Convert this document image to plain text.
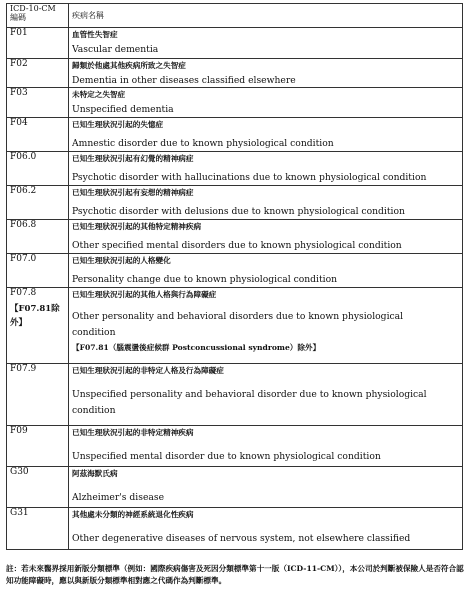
ICD-10-CM
編碼	疾病名稱
F01	血管性失智症
Vascular dementia

F02	歸類於他處其他疾病所致之失智症
Dementia in other diseases classified elsewhere

F03	未特定之失智症
Unspecified dementia

F04	已知生理狀況引起的失憶症
Amnestic disorder due to known physiological condition

F06.0	已知生理狀況引起有幻覺的精神病症
Psychotic disorder with hallucinations due to known physiological condition

F06.2	已知生理狀況引起有妄想的精神病症
Psychotic disorder with delusions due to known physiological condition

F06.8	已知生理狀況引起的其他特定精神疾病
Other specified mental disorders due to known physiological condition

F07.0	已知生理狀況引起的人格變化
Personality change due to known physiological condition

F07.8
【F07.81除外】	已知生理狀況引起的其他人格與行為障礙症
Other personality and behavioral disorders due to known physiological
condition
【F07.81（腦震盪後症候群 Postconcussional syndrome）除外】

F07.9	已知生理狀況引起的非特定人格及行為障礙症
Unspecified personality and behavioral disorder due to known physiological
condition

F09	已知生理狀況引起的非特定精神疾病
Unspecified mental disorder due to known physiological condition

G30	阿茲海默氏病
Alzheimer's disease

G31	其他處未分類的神經系統退化性疾病
Other degenerative diseases of nervous system, not elsewhere classified
註：若未來醫界採用新版分類標準（例如：國際疾病傷害及死因分類標準第十一版（ICD-11-CM）），本公司於判斷被保險人是否符合認知功能障礙時，應以與新版分類標準相對應之代碼作為判斷標準。
